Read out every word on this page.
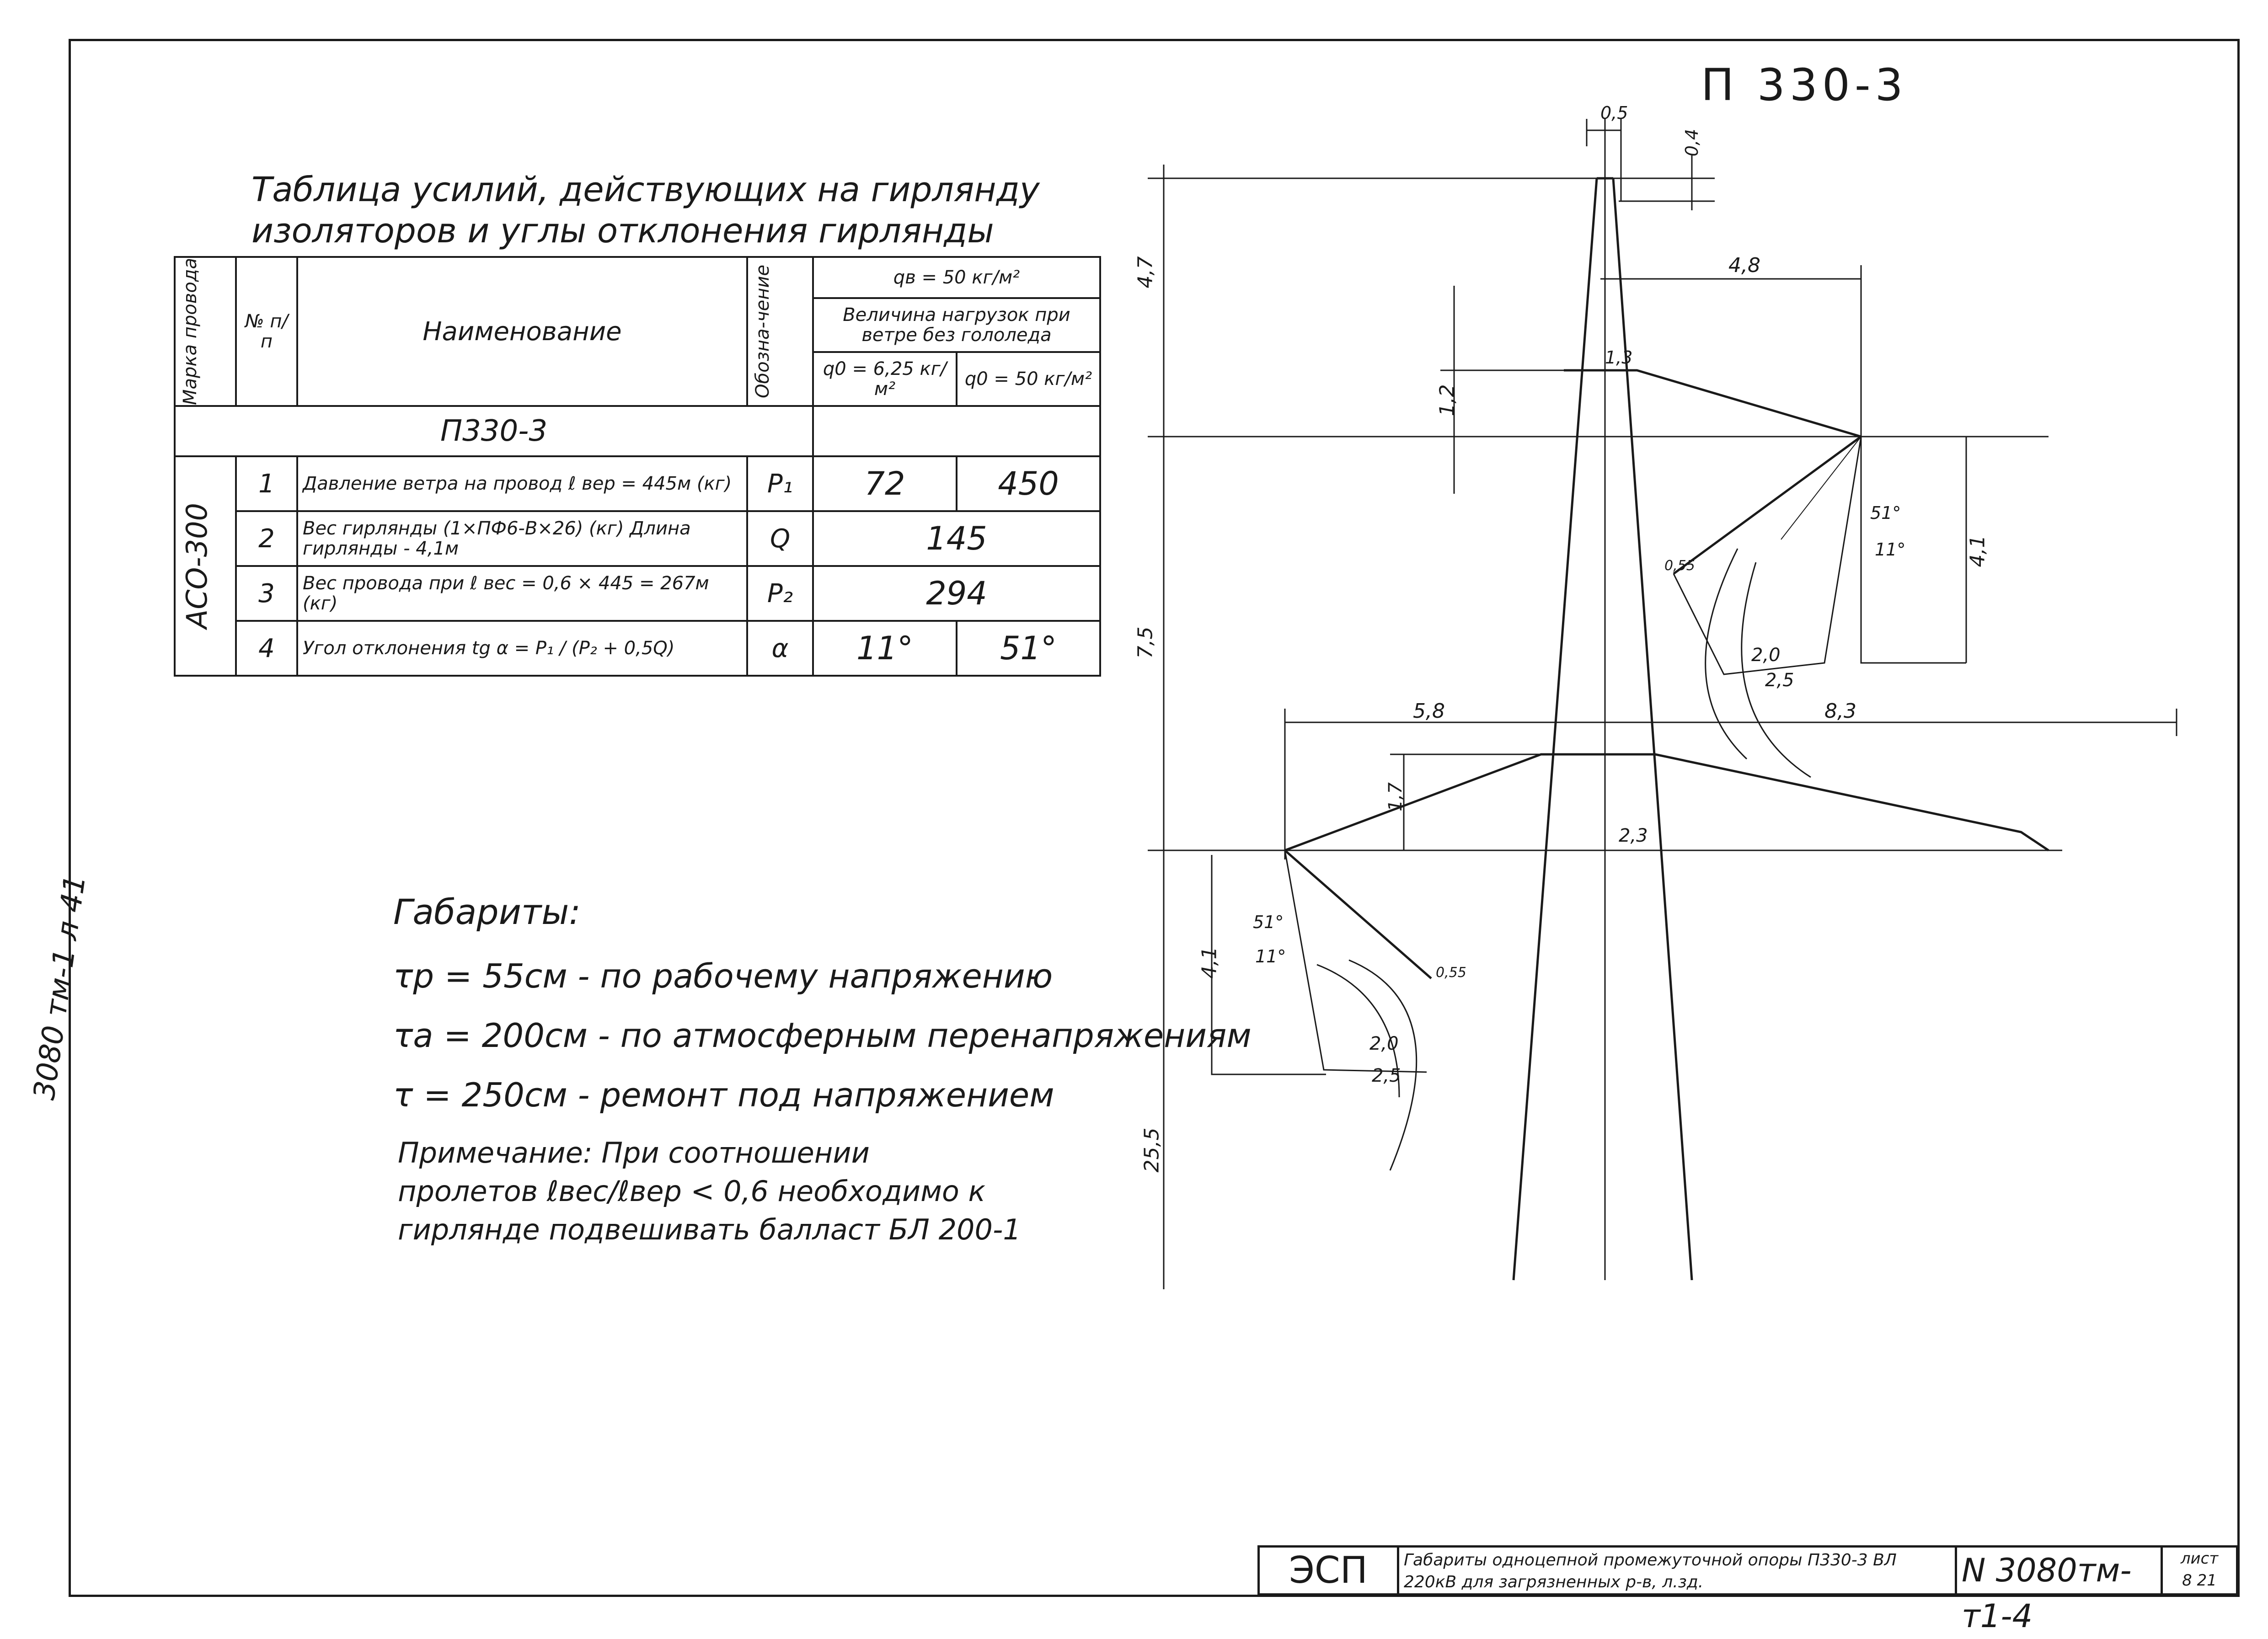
3080 тм-1 л 41
П 330-3
Таблица усилий, действующих на гирлянду
изоляторов и углы отклонения гирлянды
Марка провода	№ п/п	Наименование	Обозна-чение	qв = 50 кг/м²	
				Величина нагрузок при ветре без гололеда	
				q0 = 6,25 кг/м²	q0 = 50 кг/м²
П330-3					

АСО-300	1	Давление ветра на провод ℓ вер = 445м (кг)	P₁	72	450
	2	Вес гирлянды (1×ПФ6-В×26) (кг) Длина гирлянды - 4,1м	Q	145	
	3	Вес провода при ℓ вес = 0,6 × 445 = 267м (кг)	P₂	294	
	4	Угол отклонения tg α = P₁ / (P₂ + 0,5Q)	α	11°	51°
Габариты:
τр = 55см - по рабочему напряжению
τа = 200см - по атмосферным перенапряжениям
τ = 250см - ремонт под напряжением
Примечание: При соотношении
пролетов ℓвес/ℓвер < 0,6 необходимо к
гирлянде подвешивать балласт БЛ 200-1
0,5
0,4
4,7	4,8
1,3
1,2
4,1
51°
11°
0,55
2,0
2,5
7,5
5,8	8,3
1,7
2,3
51°
11°
4,1	0,55
2,0
2,5
25,5
ЭСП	Габариты одноцепной промежуточной опоры П330-3 ВЛ 220кВ для загрязненных р-в, л.зд.	N 3080тм-т1-4
лист
8 21
